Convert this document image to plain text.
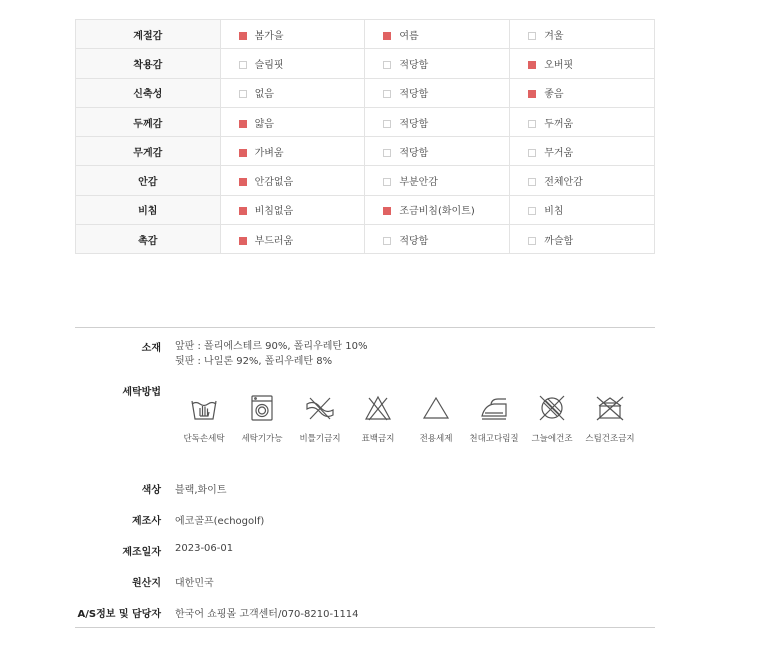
계절감	봄가을	여름	겨울
착용감	슬림핏	적당함	오버핏
신축성	없음	적당함	좋음
두께감	얇음	적당함	두꺼움
무게감	가벼움	적당함	무거움
안감	안감없음	부분안감	전체안감
비침	비침없음	조금비침(화이트)	비침
촉감	부드러움	적당함	까슬함
소재 앞판 : 폴리에스테르 90%, 폴리우레탄 10%
뒷판 : 나일론 92%, 폴리우레탄 8%
세탁방법
단독손세탁 세탁기가능 비틀기금지 표백금지	전용세제 천대고다림질 그늘에건조 스팀건조금지
색상 블랙,화이트
제조사 에코골프(echogolf)
제조일자 2023-06-01
원산지 대한민국
A/S정보 및 담당자 한국어 쇼핑몰 고객센터/070-8210-1114
